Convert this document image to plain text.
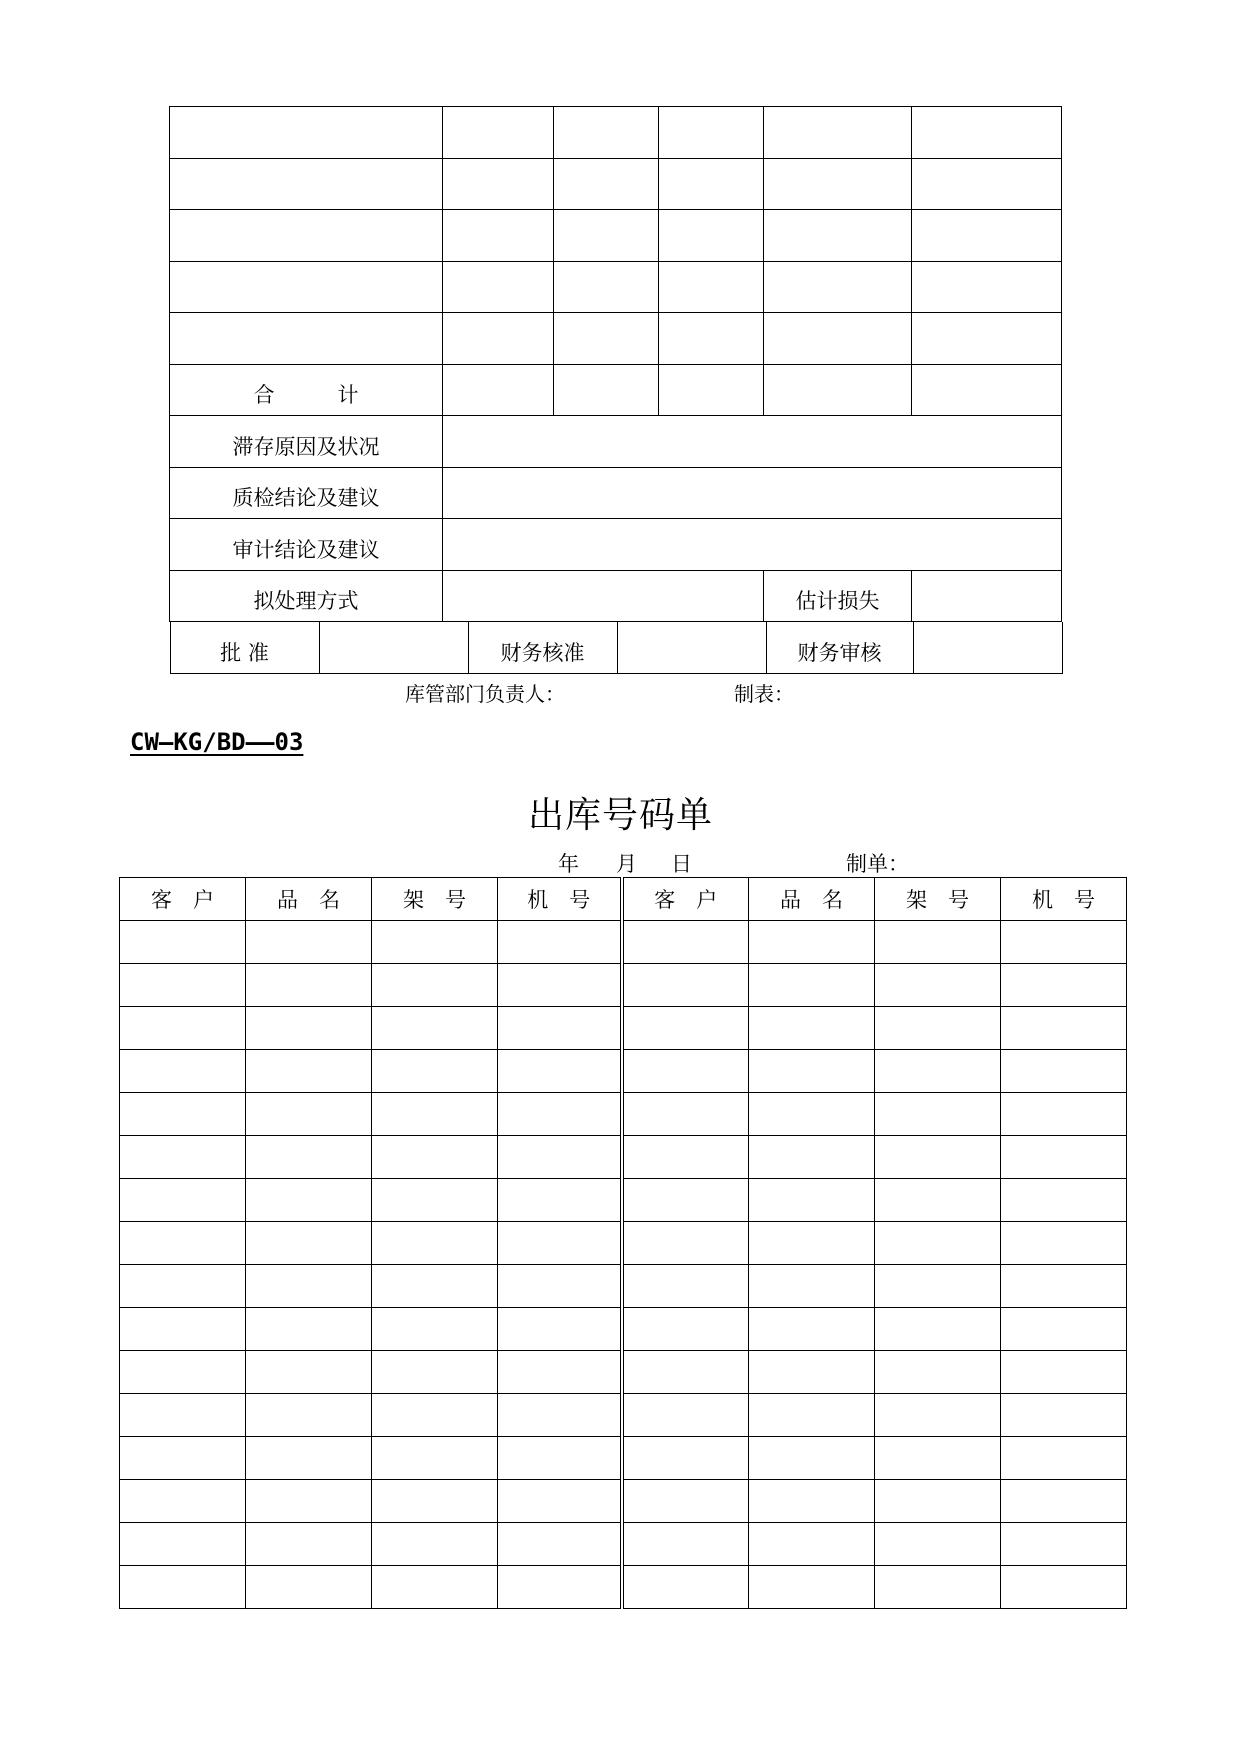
合　　　计					
滞存原因及状况	
质检结论及建议	
审计结论及建议	
拟处理方式		估计损失	

批 准		财务核准		财务审核	
库管部门负责人：	制表：
CW—KG/BD——03
出库号码单
年 月 日	制单：
客　户	品　名	架　号	机　号	客　户	品　名	架　号	机　号
